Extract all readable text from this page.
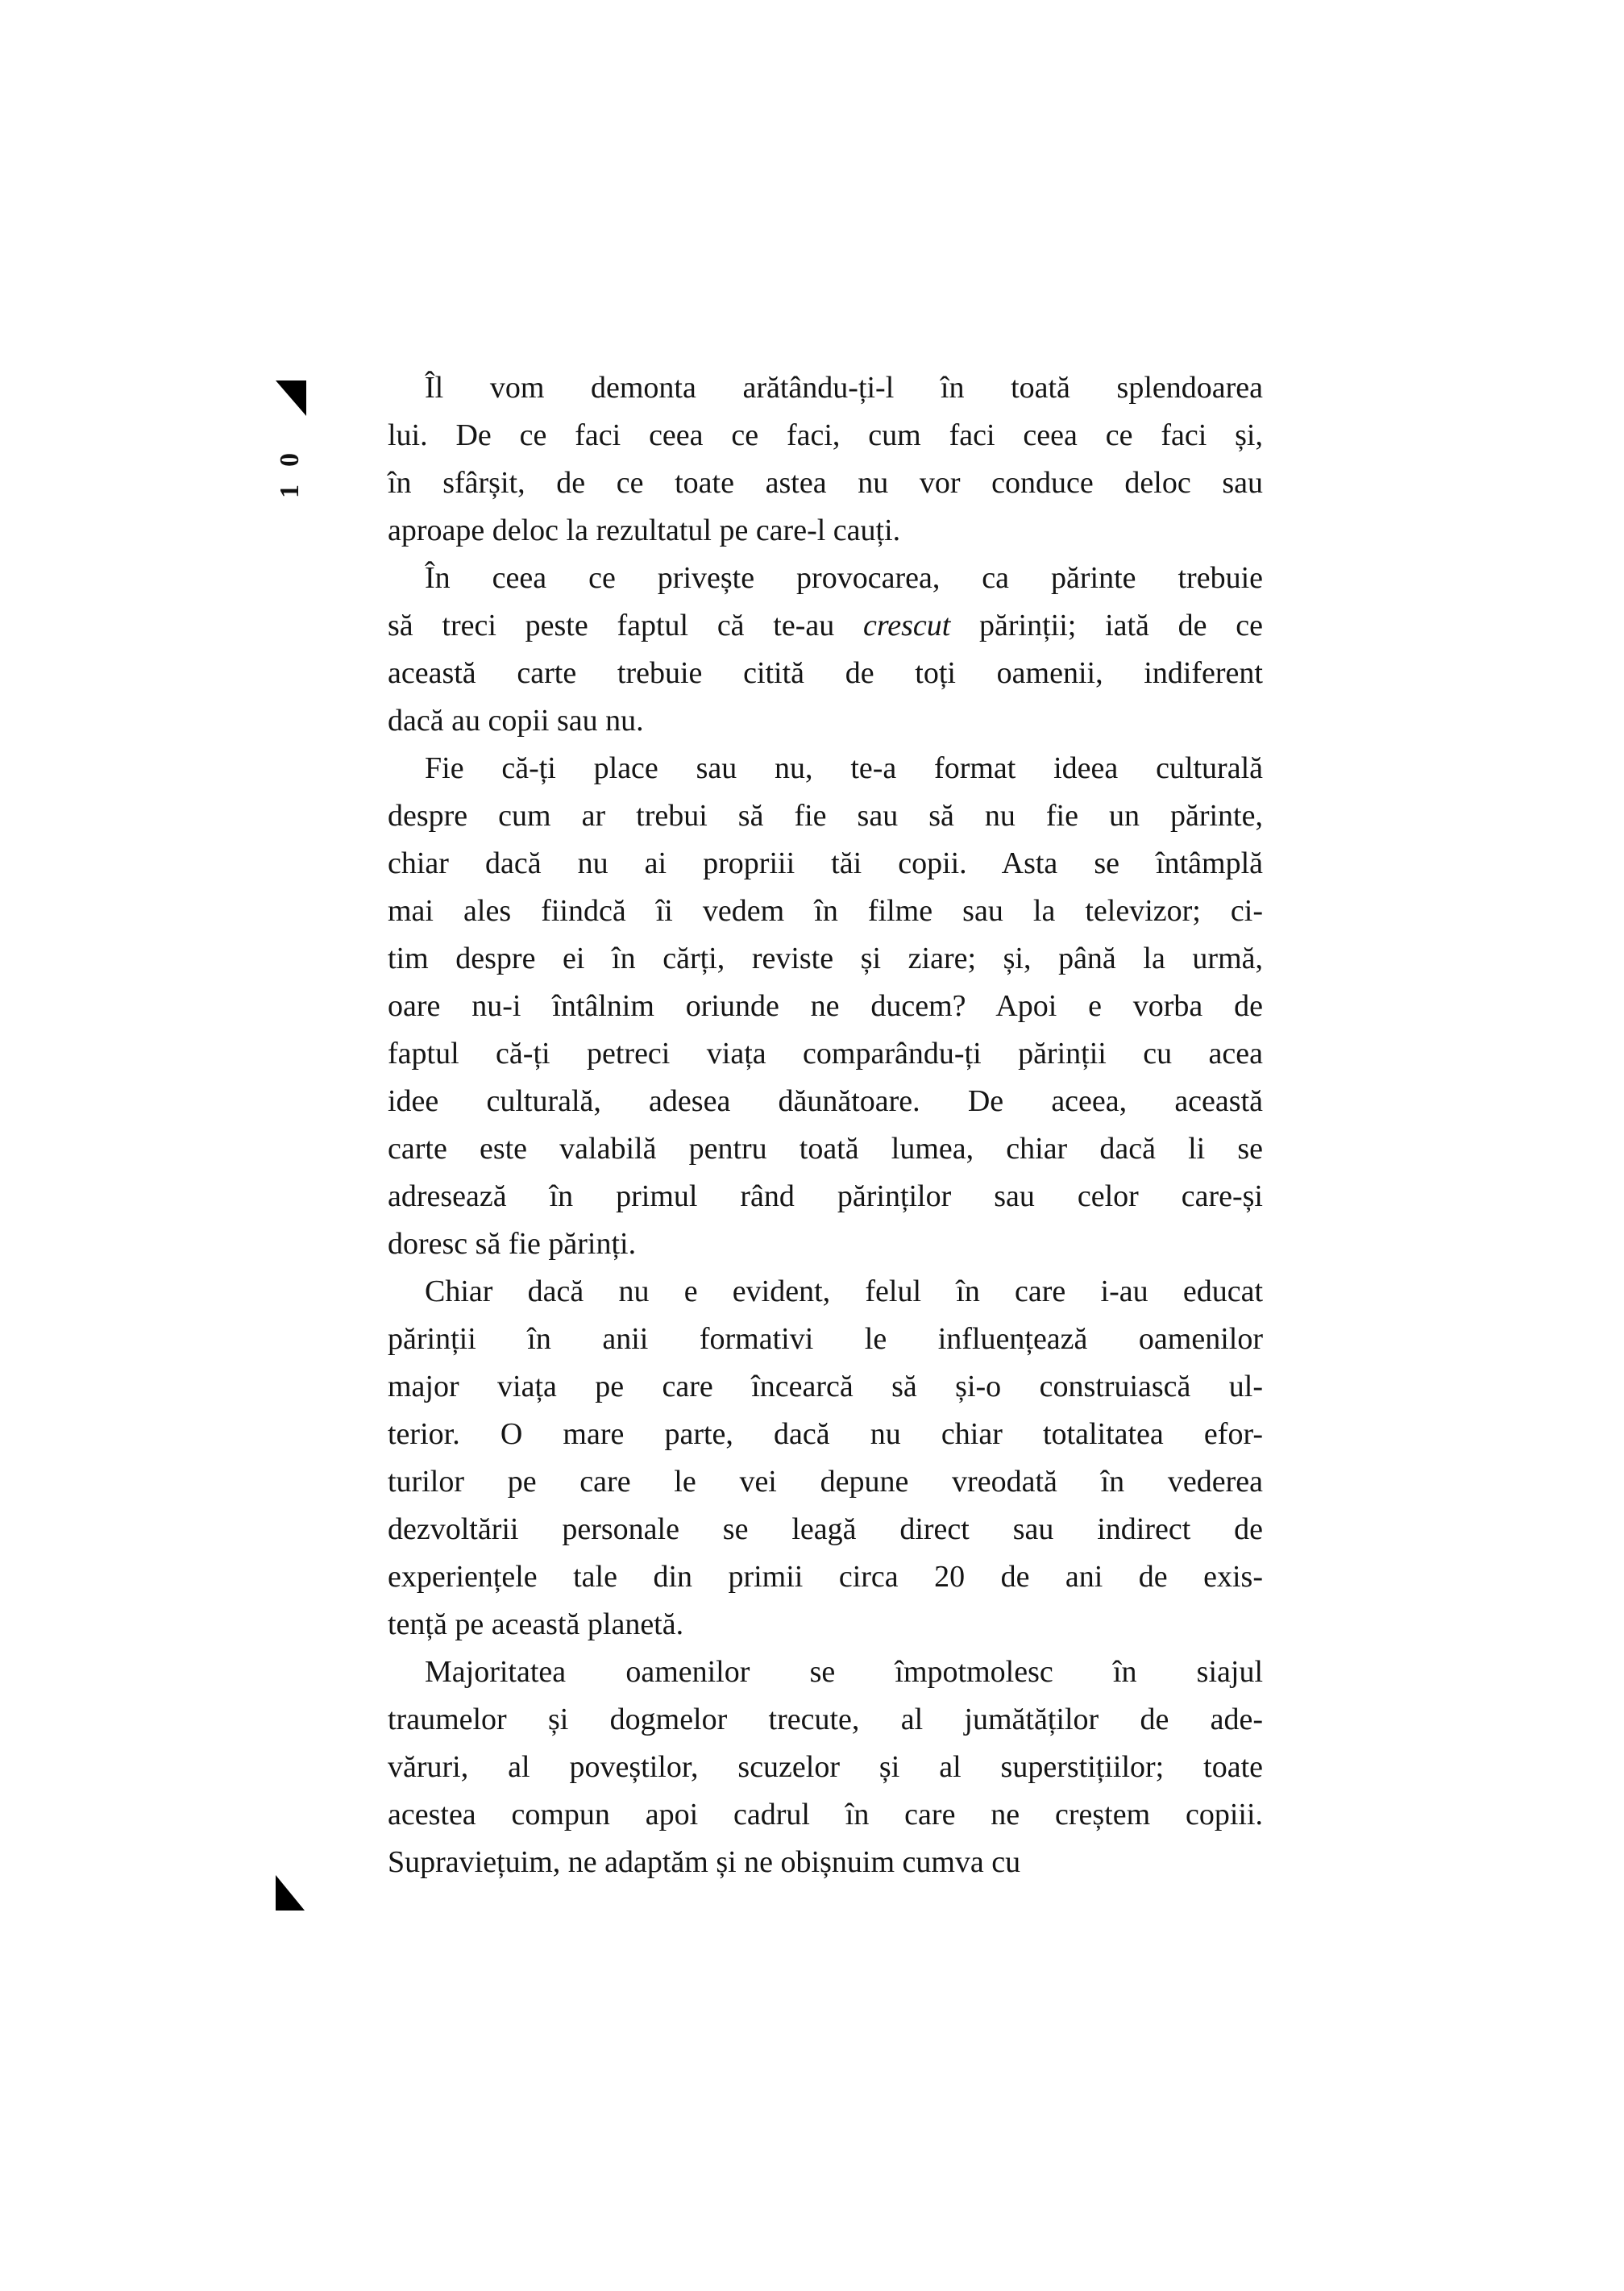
10

Îl vom demonta arătându-ți-l în toată splendoarea
lui. De ce faci ceea ce faci, cum faci ceea ce faci și,
în sfârșit, de ce toate astea nu vor conduce deloc sau
aproape deloc la rezultatul pe care-l cauți.

În ceea ce privește provocarea, ca părinte trebuie
să treci peste faptul că te-au crescut părinții; iată de ce
această carte trebuie citită de toți oamenii, indiferent
dacă au copii sau nu.

Fie că-ți place sau nu, te-a format ideea culturală
despre cum ar trebui să fie sau să nu fie un părinte,
chiar dacă nu ai propriii tăi copii. Asta se întâmplă
mai ales fiindcă îi vedem în filme sau la televizor; ci-
tim despre ei în cărți, reviste și ziare; și, până la urmă,
oare nu-i întâlnim oriunde ne ducem? Apoi e vorba de
faptul că-ți petreci viața comparându-ți părinții cu acea
idee culturală, adesea dăunătoare. De aceea, această
carte este valabilă pentru toată lumea, chiar dacă li se
adresează în primul rând părinților sau celor care-și
doresc să fie părinți.

Chiar dacă nu e evident, felul în care i-au educat
părinții în anii formativi le influențează oamenilor
major viața pe care încearcă să și-o construiască ul-
terior. O mare parte, dacă nu chiar totalitatea efor-
turilor pe care le vei depune vreodată în vederea
dezvoltării personale se leagă direct sau indirect de
experiențele tale din primii circa 20 de ani de exis-
tență pe această planetă.

Majoritatea oamenilor se împotmolesc în siajul
traumelor și dogmelor trecute, al jumătăților de ade-
văruri, al poveștilor, scuzelor și al superstițiilor; toate
acestea compun apoi cadrul în care ne creștem copiii.
Supraviețuim, ne adaptăm și ne obișnuim cumva cu
